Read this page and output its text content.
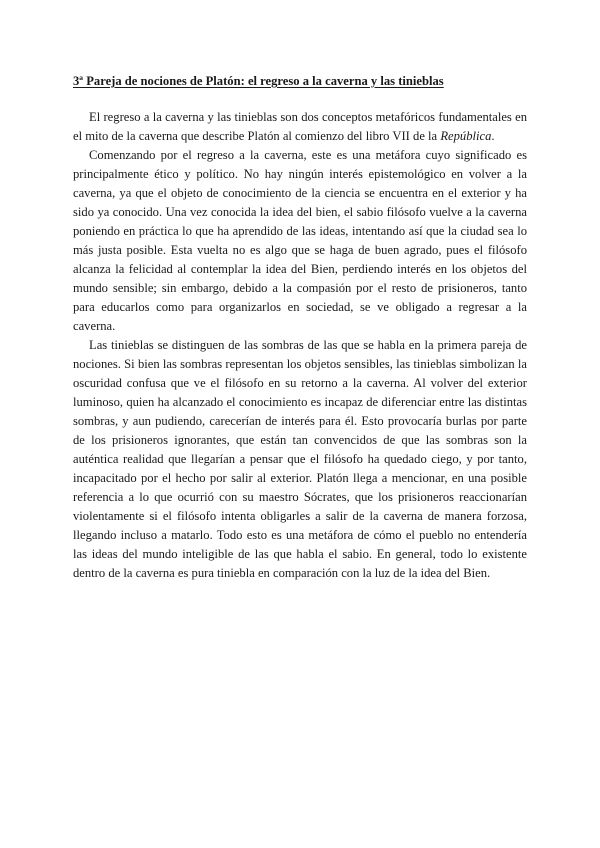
3ª Pareja de nociones de Platón: el regreso a la caverna y las tinieblas

El regreso a la caverna y las tinieblas son dos conceptos metafóricos fundamentales en el mito de la caverna que describe Platón al comienzo del libro VII de la República.

Comenzando por el regreso a la caverna, este es una metáfora cuyo significado es principalmente ético y político. No hay ningún interés epistemológico en volver a la caverna, ya que el objeto de conocimiento de la ciencia se encuentra en el exterior y ha sido ya conocido. Una vez conocida la idea del bien, el sabio filósofo vuelve a la caverna poniendo en práctica lo que ha aprendido de las ideas, intentando así que la ciudad sea lo más justa posible. Esta vuelta no es algo que se haga de buen agrado, pues el filósofo alcanza la felicidad al contemplar la idea del Bien, perdiendo interés en los objetos del mundo sensible; sin embargo, debido a la compasión por el resto de prisioneros, tanto para educarlos como para organizarlos en sociedad, se ve obligado a regresar a la caverna.

Las tinieblas se distinguen de las sombras de las que se habla en la primera pareja de nociones. Si bien las sombras representan los objetos sensibles, las tinieblas simbolizan la oscuridad confusa que ve el filósofo en su retorno a la caverna. Al volver del exterior luminoso, quien ha alcanzado el conocimiento es incapaz de diferenciar entre las distintas sombras, y aun pudiendo, carecerían de interés para él. Esto provocaría burlas por parte de los prisioneros ignorantes, que están tan convencidos de que las sombras son la auténtica realidad que llegarían a pensar que el filósofo ha quedado ciego, y por tanto, incapacitado por el hecho por salir al exterior. Platón llega a mencionar, en una posible referencia a lo que ocurrió con su maestro Sócrates, que los prisioneros reaccionarían violentamente si el filósofo intenta obligarles a salir de la caverna de manera forzosa, llegando incluso a matarlo. Todo esto es una metáfora de cómo el pueblo no entendería las ideas del mundo inteligible de las que habla el sabio. En general, todo lo existente dentro de la caverna es pura tiniebla en comparación con la luz de la idea del Bien.
